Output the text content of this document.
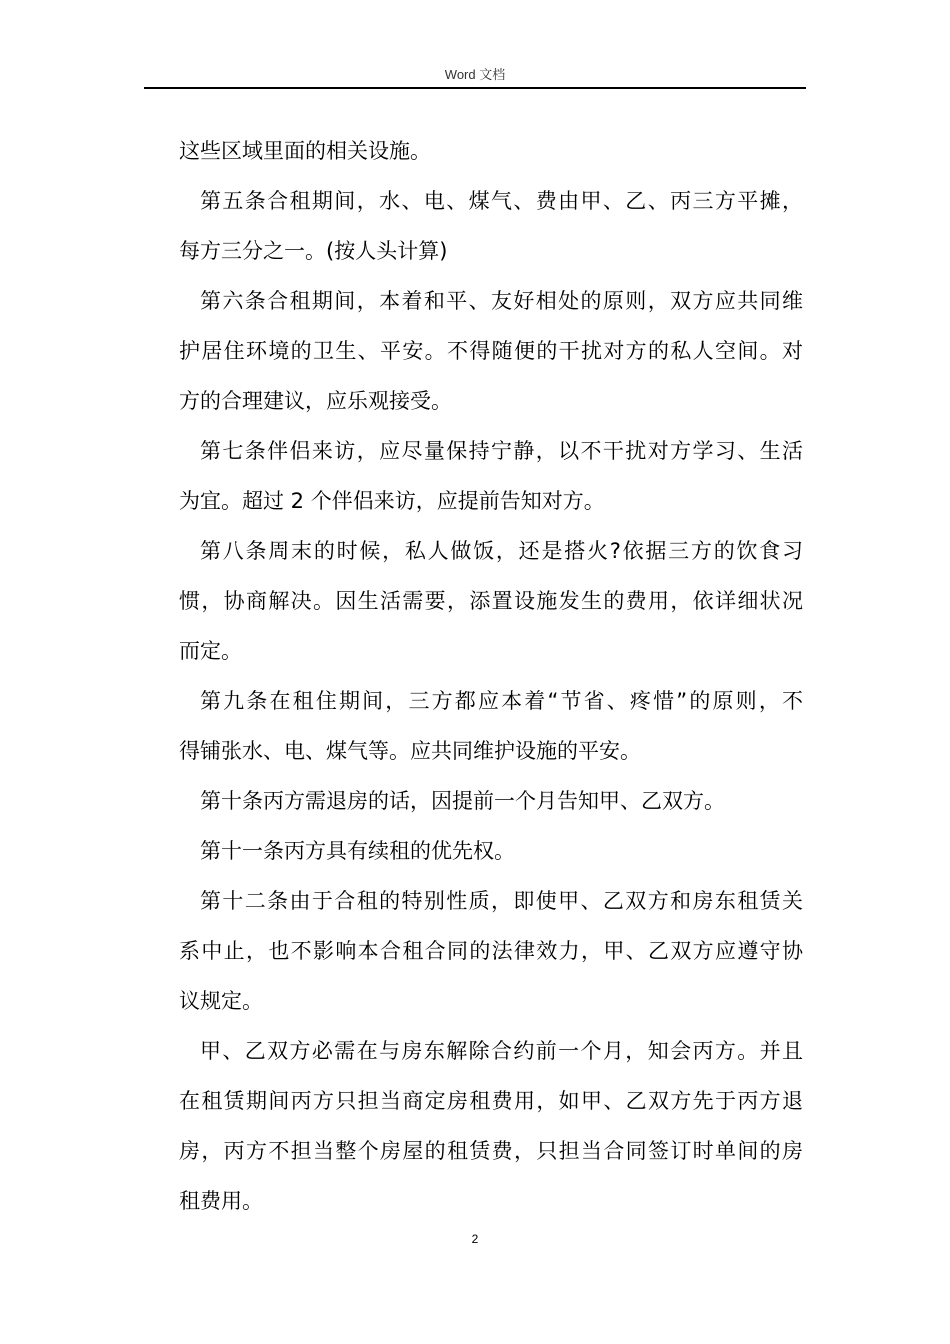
Word 文档
这些区域里面的相关设施。
第五条合租期间，水、电、煤气、费由甲、乙、丙三方平摊，
每方三分之一。(按人头计算)
第六条合租期间，本着和平、友好相处的原则，双方应共同维
护居住环境的卫生、平安。不得随便的干扰对方的私人空间。对
方的合理建议，应乐观接受。
第七条伴侣来访，应尽量保持宁静，以不干扰对方学习、生活
为宜。超过 2 个伴侣来访，应提前告知对方。
第八条周末的时候，私人做饭，还是搭火?依据三方的饮食习
惯，协商解决。因生活需要，添置设施发生的费用，依详细状况
而定。
第九条在租住期间，三方都应本着“节省、疼惜”的原则，不
得铺张水、电、煤气等。应共同维护设施的平安。
第十条丙方需退房的话，因提前一个月告知甲、乙双方。
第十一条丙方具有续租的优先权。
第十二条由于合租的特别性质，即使甲、乙双方和房东租赁关
系中止，也不影响本合租合同的法律效力，甲、乙双方应遵守协
议规定。
甲、乙双方必需在与房东解除合约前一个月，知会丙方。并且
在租赁期间丙方只担当商定房租费用，如甲、乙双方先于丙方退
房，丙方不担当整个房屋的租赁费，只担当合同签订时单间的房
租费用。
2
